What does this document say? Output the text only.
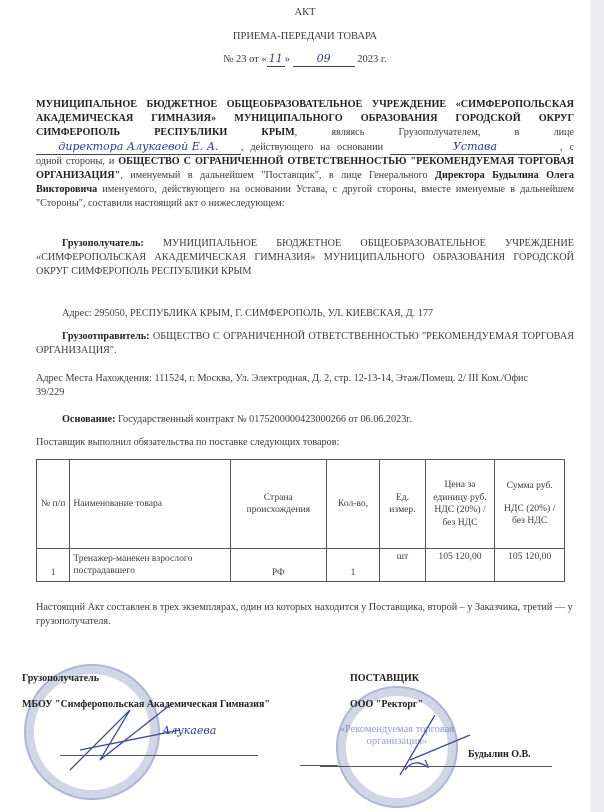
АКТ
ПРИЕМА-ПЕРЕДАЧИ ТОВАРА
№ 23 от « 11 » 09	2023 г.
МУНИЦИПАЛЬНОЕ БЮДЖЕТНОЕ ОБЩЕОБРАЗОВАТЕЛЬНОЕ УЧРЕЖДЕНИЕ «СИМФЕРОПОЛЬСКАЯ АКАДЕМИЧЕСКАЯ ГИМНАЗИЯ» МУНИЦИПАЛЬНОГО ОБРАЗОВАНИЯ ГОРОДСКОЙ ОКРУГ СИМФЕРОПОЛЬ РЕСПУБЛИКИ КРЫМ, являясь Грузополучателем, в лице директора Алукаевой Е. А. , действующего на основании	Устава	, с одной стороны, и ОБЩЕСТВО С ОГРАНИЧЕННОЙ ОТВЕТСТВЕННОСТЬЮ "РЕКОМЕНДУЕМАЯ ТОРГОВАЯ ОРГАНИЗАЦИЯ", именуемый в дальнейшем "Поставщик", в лице Генерального Директора Будылина Олега Викторовича именуемого, действующего на основании Устава, с другой стороны, вместе именуемые в дальнейшем "Стороны", составили настоящий акт о нижеследующем:
Грузополучатель: МУНИЦИПАЛЬНОЕ БЮДЖЕТНОЕ ОБЩЕОБРАЗОВАТЕЛЬНОЕ УЧРЕЖДЕНИЕ «СИМФЕРОПОЛЬСКАЯ АКАДЕМИЧЕСКАЯ ГИМНАЗИЯ» МУНИЦИПАЛЬНОГО ОБРАЗОВАНИЯ ГОРОДСКОЙ ОКРУГ СИМФЕРОПОЛЬ РЕСПУБЛИКИ КРЫМ
Адрес: 295050, РЕСПУБЛИКА КРЫМ, Г. СИМФЕРОПОЛЬ, УЛ. КИЕВСКАЯ, Д. 177
Грузоотправитель: ОБЩЕСТВО С ОГРАНИЧЕННОЙ ОТВЕТСТВЕННОСТЬЮ "РЕКОМЕНДУЕМАЯ ТОРГОВАЯ ОРГАНИЗАЦИЯ".
Адрес Места Нахождения: 111524, г. Москва, Ул. Электродная, Д. 2, стр. 12-13-14, Этаж/Помещ. 2/ III Ком./Офис 39/229
Основание: Государственный контракт № 0175200000423000266 от 06.06.2023г.
Поставщик выполнил обязательства по поставке следующих товаров:
№ п/п	Наименование товара	Страна происхождения	Кол-во,	Ед. измер.	Цена за единицу руб. НДС (20%) / без НДС	Сумма руб.
НДС (20%) / без НДС

1	Тренажер-манекен взрослого пострадавшего	РФ	1	шт	105 120,00	105 120,00
Настоящий Акт составлен в трех экземплярах, один из которых находится у Поставщика, второй – у Заказчика, третий — у грузополучателя.
Грузополучатель
МБОУ "Симферопольская Академическая Гимназия"
Алукаева	«Рекомендуемая торговая организация»
ПОСТАВЩИК
ООО "Ректорг"
Будылин О.В.
